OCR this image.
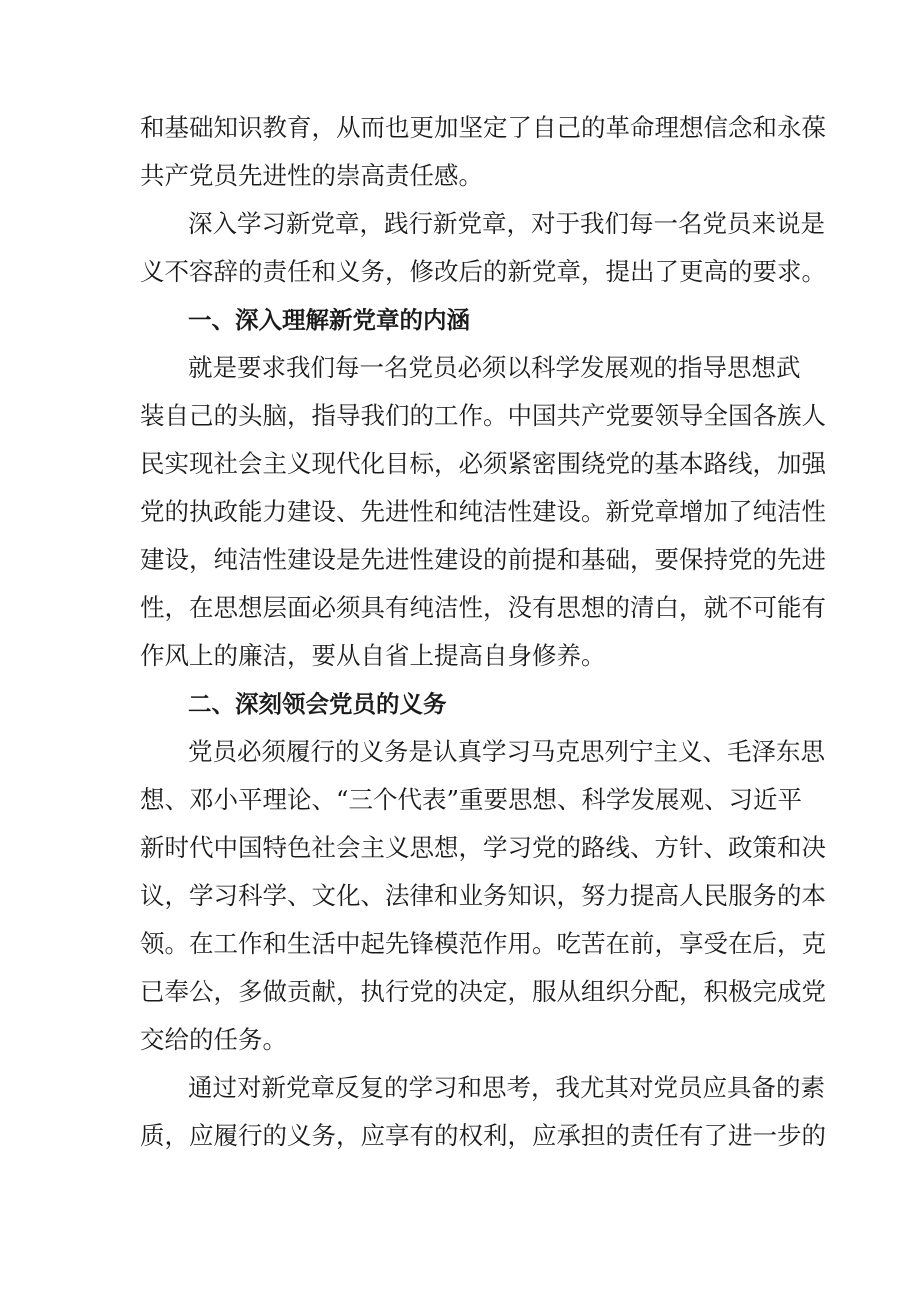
和基础知识教育，从而也更加坚定了自己的革命理想信念和永葆
共产党员先进性的崇高责任感。
深入学习新党章，践行新党章，对于我们每一名党员来说是
义不容辞的责任和义务，修改后的新党章，提出了更高的要求。
一、深入理解新党章的内涵
就是要求我们每一名党员必须以科学发展观的指导思想武
装自己的头脑，指导我们的工作。中国共产党要领导全国各族人
民实现社会主义现代化目标，必须紧密围绕党的基本路线，加强
党的执政能力建设、先进性和纯洁性建设。新党章增加了纯洁性
建设，纯洁性建设是先进性建设的前提和基础，要保持党的先进
性，在思想层面必须具有纯洁性，没有思想的清白，就不可能有
作风上的廉洁，要从自省上提高自身修养。
二、深刻领会党员的义务
党员必须履行的义务是认真学习马克思列宁主义、毛泽东思
想、邓小平理论、“三个代表”重要思想、科学发展观、习近平
新时代中国特色社会主义思想，学习党的路线、方针、政策和决
议，学习科学、文化、法律和业务知识，努力提高人民服务的本
领。在工作和生活中起先锋模范作用。吃苦在前，享受在后，克
已奉公，多做贡献，执行党的决定，服从组织分配，积极完成党
交给的任务。
通过对新党章反复的学习和思考，我尤其对党员应具备的素
质，应履行的义务，应享有的权利，应承担的责任有了进一步的
